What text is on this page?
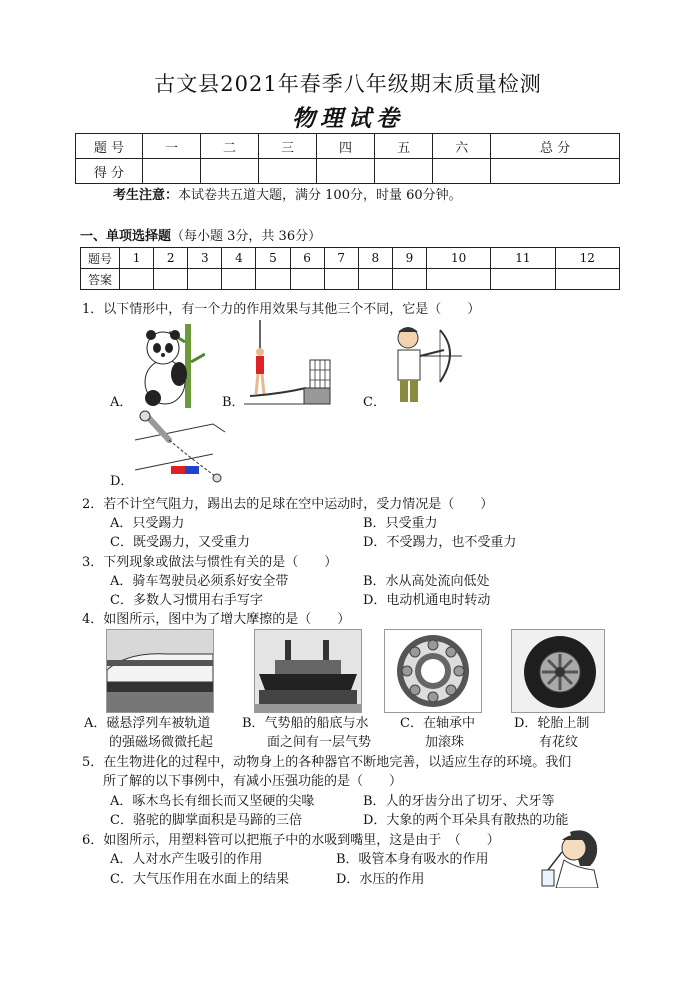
古文县2021年春季八年级期末质量检测
物理试卷
题 号	一	二	三	四	五	六	总 分
得 分							
考生注意：本试卷共五道大题，满分 100分，时量 60分钟。
一、单项选择题（每小题 3分，共 36分）
题号	1	2	3	4	5	6	7	8	9	10	11	12
答案												
1．以下情形中，有一个力的作用效果与其他三个不同，它是（　　）
A．	B．	C．
D．
2．若不计空气阻力，踢出去的足球在空中运动时，受力情况是（　　）
A．只受踢力	B．只受重力
C．既受踢力，又受重力	D．不受踢力，也不受重力
3．下列现象或做法与惯性有关的是（　　）
A．骑车驾驶员必须系好安全带	B．水从高处流向低处
C．多数人习惯用右手写字	D．电动机通电时转动
4．如图所示，图中为了增大摩擦的是（　　）
A．磁悬浮列车被轨道
的强磁场微微托起
B．气势船的船底与水
面之间有一层气势
C．在轴承中
加滚珠
D．轮胎上制
有花纹
5．在生物进化的过程中，动物身上的各种器官不断地完善，以适应生存的环境。我们
所了解的以下事例中，有减小压强功能的是（　　）
A．啄木鸟长有细长而又坚硬的尖喙	B．人的牙齿分出了切牙、犬牙等
C．骆驼的脚掌面积是马蹄的三倍	D．大象的两个耳朵具有散热的功能
6．如图所示，用塑料管可以把瓶子中的水吸到嘴里，这是由于　（　　）
A．人对水产生吸引的作用	B．吸管本身有吸水的作用
C．大气压作用在水面上的结果	D．水压的作用
